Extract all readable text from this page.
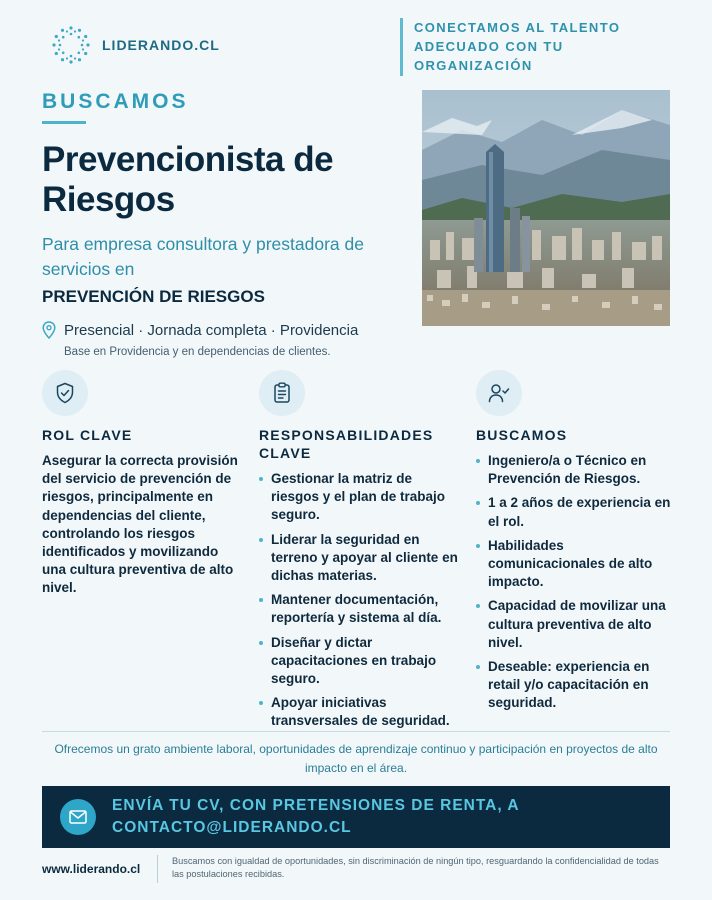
LIDERANDO.CL
CONECTAMOS AL TALENTO ADECUADO CON TU ORGANIZACIÓN
BUSCAMOS
Prevencionista de Riesgos
Para empresa consultora y prestadora de servicios en
PREVENCIÓN DE RIESGOS
Presencial · Jornada completa · Providencia
Base en Providencia y en dependencias de clientes.
ROL CLAVE
Asegurar la correcta provisión del servicio de prevención de riesgos, principalmente en dependencias del cliente, controlando los riesgos identificados y movilizando una cultura preventiva de alto nivel.
RESPONSABILIDADES CLAVE
Gestionar la matriz de riesgos y el plan de trabajo seguro.
Liderar la seguridad en terreno y apoyar al cliente en dichas materias.
Mantener documentación, reportería y sistema al día.
Diseñar y dictar capacitaciones en trabajo seguro.
Apoyar iniciativas transversales de seguridad.
BUSCAMOS
Ingeniero/a o Técnico en Prevención de Riesgos.
1 a 2 años de experiencia en el rol.
Habilidades comunicacionales de alto impacto.
Capacidad de movilizar una cultura preventiva de alto nivel.
Deseable: experiencia en retail y/o capacitación en seguridad.
Ofrecemos un grato ambiente laboral, oportunidades de aprendizaje continuo y participación en proyectos de alto impacto en el área.
ENVÍA TU CV, CON PRETENSIONES DE RENTA, A CONTACTO@LIDERANDO.CL
www.liderando.cl
Buscamos con igualdad de oportunidades, sin discriminación de ningún tipo, resguardando la confidencialidad de todas las postulaciones recibidas.
